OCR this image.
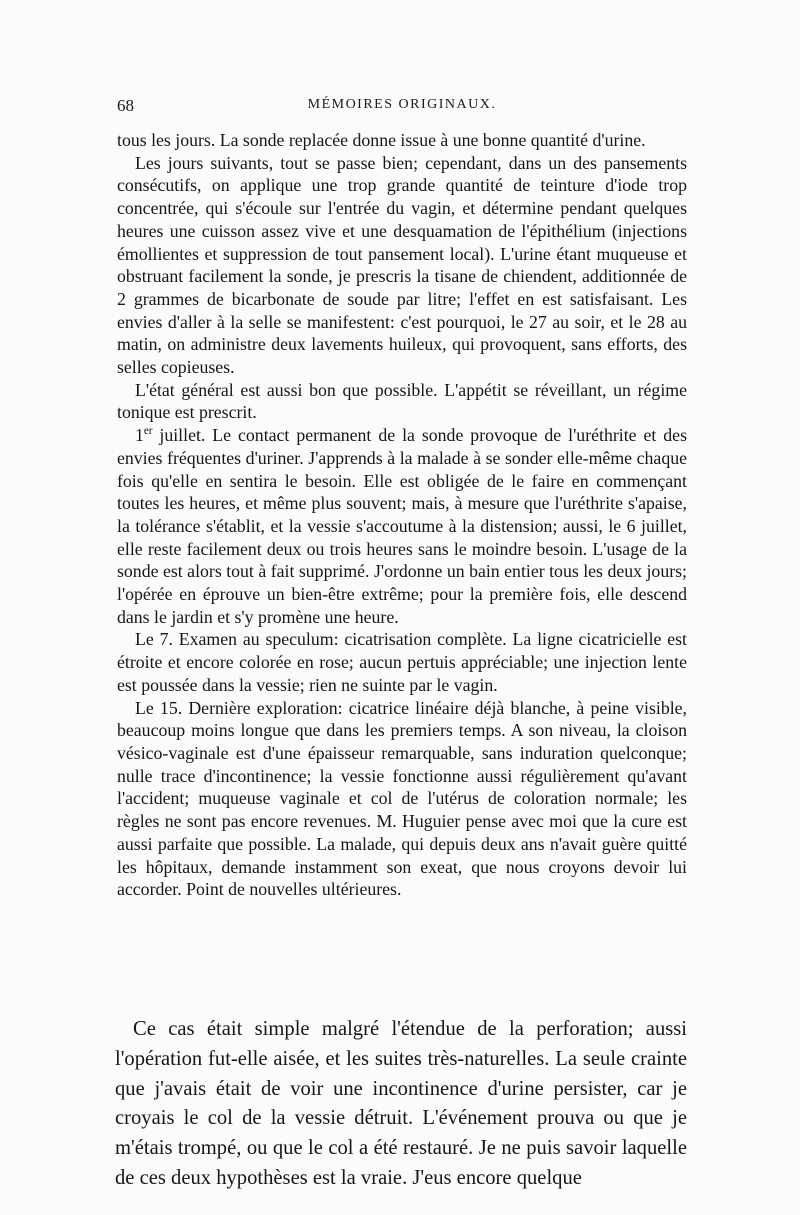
68	MÉMOIRES ORIGINAUX.

tous les jours. La sonde replacée donne issue à une bonne quantité d'urine.

Les jours suivants, tout se passe bien; cependant, dans un des pansements consécutifs, on applique une trop grande quantité de teinture d'iode trop concentrée, qui s'écoule sur l'entrée du vagin, et détermine pendant quelques heures une cuisson assez vive et une desquamation de l'épithélium (injections émollientes et suppression de tout pansement local). L'urine étant muqueuse et obstruant facilement la sonde, je prescris la tisane de chiendent, additionnée de 2 grammes de bicarbonate de soude par litre; l'effet en est satisfaisant. Les envies d'aller à la selle se manifestent: c'est pourquoi, le 27 au soir, et le 28 au matin, on administre deux lavements huileux, qui provoquent, sans efforts, des selles copieuses.

L'état général est aussi bon que possible. L'appétit se réveillant, un régime tonique est prescrit.

1er juillet. Le contact permanent de la sonde provoque de l'uréthrite et des envies fréquentes d'uriner. J'apprends à la malade à se sonder elle-même chaque fois qu'elle en sentira le besoin. Elle est obligée de le faire en commençant toutes les heures, et même plus souvent; mais, à mesure que l'uréthrite s'apaise, la tolérance s'établit, et la vessie s'accoutume à la distension; aussi, le 6 juillet, elle reste facilement deux ou trois heures sans le moindre besoin. L'usage de la sonde est alors tout à fait supprimé. J'ordonne un bain entier tous les deux jours; l'opérée en éprouve un bien-être extrême; pour la première fois, elle descend dans le jardin et s'y promène une heure.

Le 7. Examen au speculum: cicatrisation complète. La ligne cicatricielle est étroite et encore colorée en rose; aucun pertuis appréciable; une injection lente est poussée dans la vessie; rien ne suinte par le vagin.

Le 15. Dernière exploration: cicatrice linéaire déjà blanche, à peine visible, beaucoup moins longue que dans les premiers temps. A son niveau, la cloison vésico-vaginale est d'une épaisseur remarquable, sans induration quelconque; nulle trace d'incontinence; la vessie fonctionne aussi régulièrement qu'avant l'accident; muqueuse vaginale et col de l'utérus de coloration normale; les règles ne sont pas encore revenues. M. Huguier pense avec moi que la cure est aussi parfaite que possible. La malade, qui depuis deux ans n'avait guère quitté les hôpitaux, demande instamment son exeat, que nous croyons devoir lui accorder. Point de nouvelles ultérieures.

Ce cas était simple malgré l'étendue de la perforation; aussi l'opération fut-elle aisée, et les suites très-naturelles. La seule crainte que j'avais était de voir une incontinence d'urine persister, car je croyais le col de la vessie détruit. L'événement prouva ou que je m'étais trompé, ou que le col a été restauré. Je ne puis savoir laquelle de ces deux hypothèses est la vraie. J'eus encore quelque
